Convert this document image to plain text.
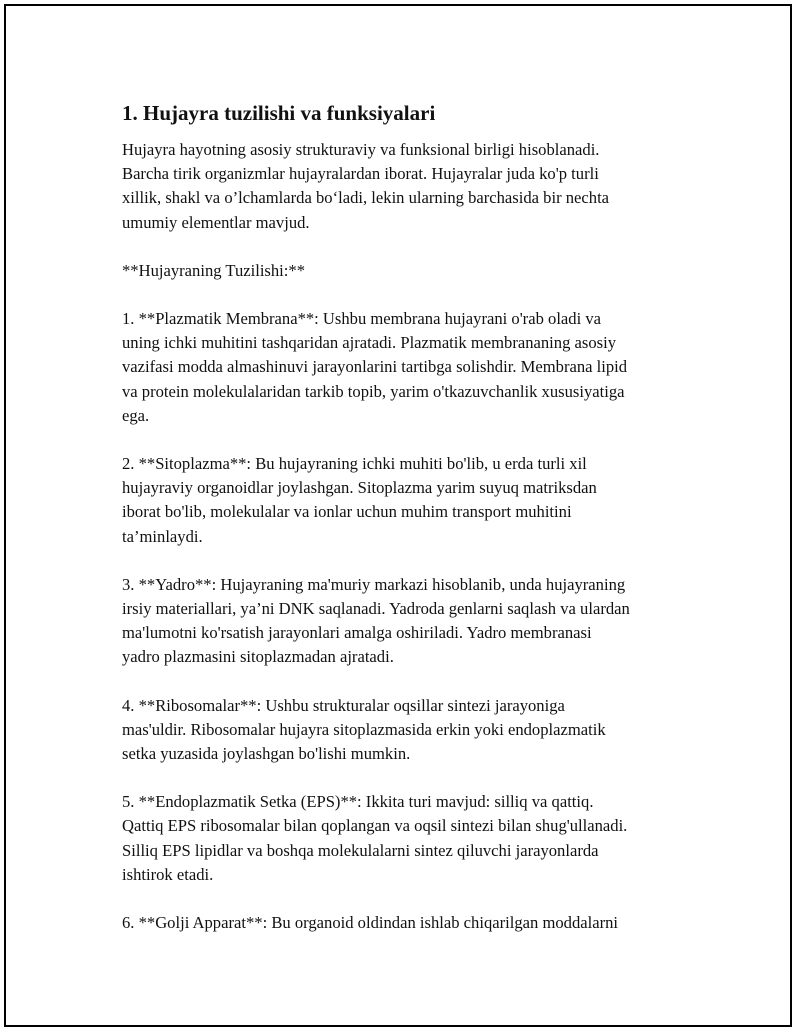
1. Hujayra tuzilishi va funksiyalari

Hujayra hayotning asosiy strukturaviy va funksional birligi hisoblanadi.
Barcha tirik organizmlar hujayralardan iborat. Hujayralar juda ko'p turli
xillik, shakl va o’lchamlarda boʻladi, lekin ularning barchasida bir nechta
umumiy elementlar mavjud.

**Hujayraning Tuzilishi:**

1. **Plazmatik Membrana**: Ushbu membrana hujayrani o'rab oladi va
uning ichki muhitini tashqaridan ajratadi. Plazmatik membrananing asosiy
vazifasi modda almashinuvi jarayonlarini tartibga solishdir. Membrana lipid
va protein molekulalaridan tarkib topib, yarim o'tkazuvchanlik xususiyatiga
ega.

2. **Sitoplazma**: Bu hujayraning ichki muhiti bo'lib, u erda turli xil
hujayraviy organoidlar joylashgan. Sitoplazma yarim suyuq matriksdan
iborat bo'lib, molekulalar va ionlar uchun muhim transport muhitini
ta’minlaydi.

3. **Yadro**: Hujayraning ma'muriy markazi hisoblanib, unda hujayraning
irsiy materiallari, ya’ni DNK saqlanadi. Yadroda genlarni saqlash va ulardan
ma'lumotni ko'rsatish jarayonlari amalga oshiriladi. Yadro membranasi
yadro plazmasini sitoplazmadan ajratadi.

4. **Ribosomalar**: Ushbu strukturalar oqsillar sintezi jarayoniga
mas'uldir. Ribosomalar hujayra sitoplazmasida erkin yoki endoplazmatik
setka yuzasida joylashgan bo'lishi mumkin.

5. **Endoplazmatik Setka (EPS)**: Ikkita turi mavjud: silliq va qattiq.
Qattiq EPS ribosomalar bilan qoplangan va oqsil sintezi bilan shug'ullanadi.
Silliq EPS lipidlar va boshqa molekulalarni sintez qiluvchi jarayonlarda
ishtirok etadi.

6. **Golji Apparat**: Bu organoid oldindan ishlab chiqarilgan moddalarni
